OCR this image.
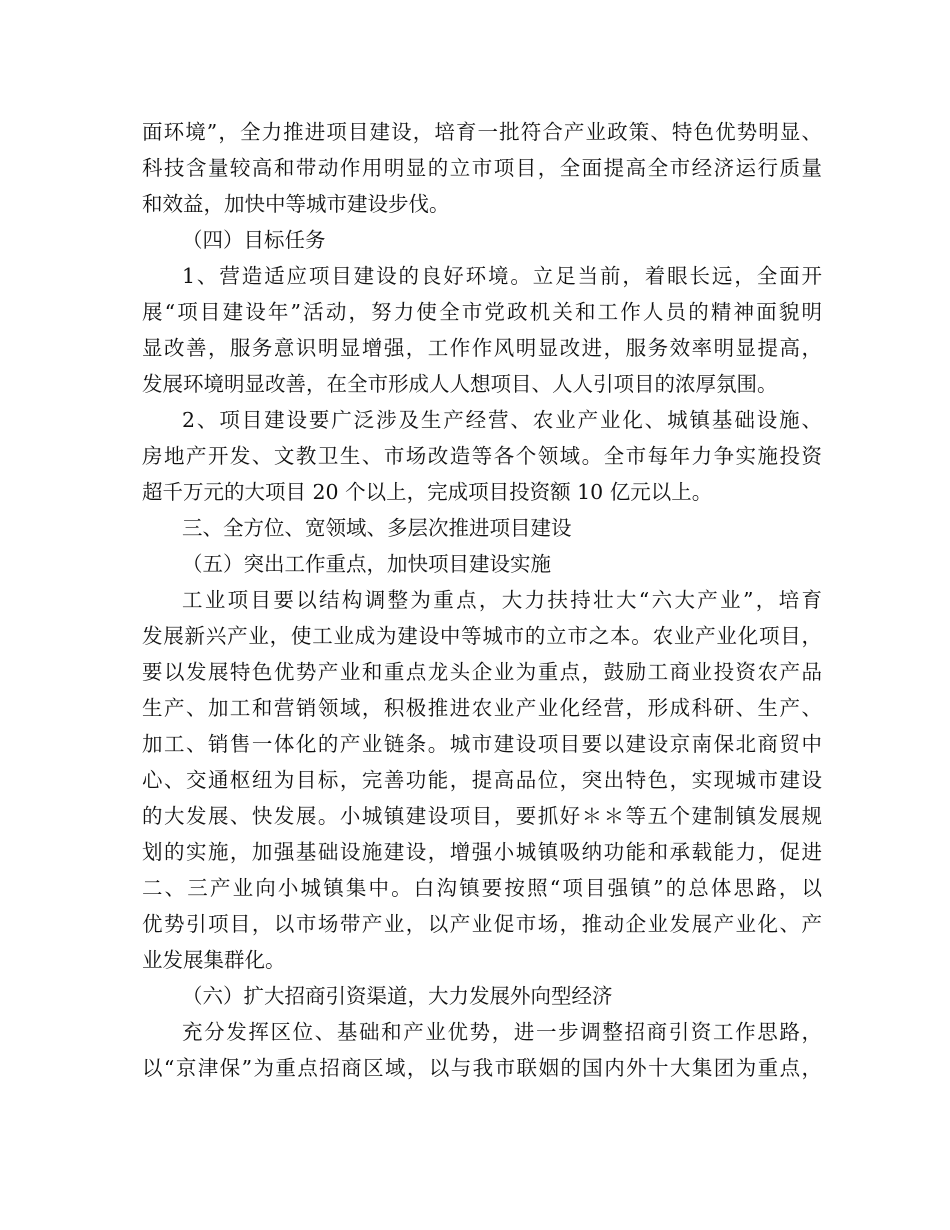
面环境”，全力推进项目建设，培育一批符合产业政策、特色优势明显、
科技含量较高和带动作用明显的立市项目，全面提高全市经济运行质量
和效益，加快中等城市建设步伐。
（四）目标任务
1、营造适应项目建设的良好环境。立足当前，着眼长远，全面开
展“项目建设年”活动，努力使全市党政机关和工作人员的精神面貌明
显改善，服务意识明显增强，工作作风明显改进，服务效率明显提高，
发展环境明显改善，在全市形成人人想项目、人人引项目的浓厚氛围。
2、项目建设要广泛涉及生产经营、农业产业化、城镇基础设施、
房地产开发、文教卫生、市场改造等各个领域。全市每年力争实施投资
超千万元的大项目 20 个以上，完成项目投资额 10 亿元以上。
三、全方位、宽领域、多层次推进项目建设
（五）突出工作重点，加快项目建设实施
工业项目要以结构调整为重点，大力扶持壮大“六大产业”，培育
发展新兴产业，使工业成为建设中等城市的立市之本。农业产业化项目，
要以发展特色优势产业和重点龙头企业为重点，鼓励工商业投资农产品
生产、加工和营销领域，积极推进农业产业化经营，形成科研、生产、
加工、销售一体化的产业链条。城市建设项目要以建设京南保北商贸中
心、交通枢纽为目标，完善功能，提高品位，突出特色，实现城市建设
的大发展、快发展。小城镇建设项目，要抓好＊＊等五个建制镇发展规
划的实施，加强基础设施建设，增强小城镇吸纳功能和承载能力，促进
二、三产业向小城镇集中。白沟镇要按照“项目强镇”的总体思路，以
优势引项目，以市场带产业，以产业促市场，推动企业发展产业化、产
业发展集群化。
（六）扩大招商引资渠道，大力发展外向型经济
充分发挥区位、基础和产业优势，进一步调整招商引资工作思路，
以“京津保”为重点招商区域，以与我市联姻的国内外十大集团为重点，
